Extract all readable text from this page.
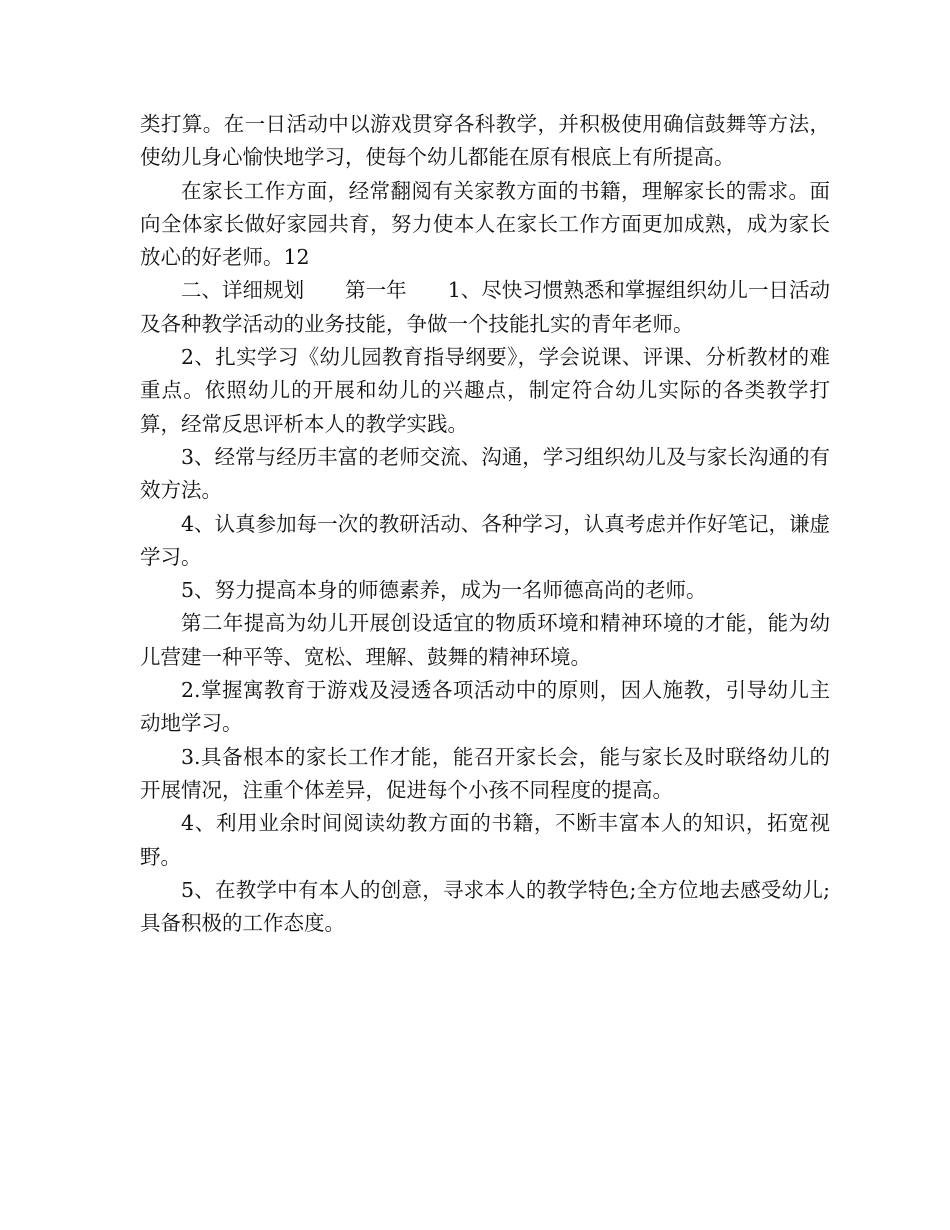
类打算。在一日活动中以游戏贯穿各科教学，并积极使用确信鼓舞等方法，使幼儿身心愉快地学习，使每个幼儿都能在原有根底上有所提高。

在家长工作方面，经常翻阅有关家教方面的书籍，理解家长的需求。面向全体家长做好家园共育，努力使本人在家长工作方面更加成熟，成为家长放心的好老师。12

二、详细规划　　第一年　　1、尽快习惯熟悉和掌握组织幼儿一日活动及各种教学活动的业务技能，争做一个技能扎实的青年老师。

2、扎实学习《幼儿园教育指导纲要》，学会说课、评课、分析教材的难重点。依照幼儿的开展和幼儿的兴趣点，制定符合幼儿实际的各类教学打算，经常反思评析本人的教学实践。

3、经常与经历丰富的老师交流、沟通，学习组织幼儿及与家长沟通的有效方法。

4、认真参加每一次的教研活动、各种学习，认真考虑并作好笔记，谦虚学习。

5、努力提高本身的师德素养，成为一名师德高尚的老师。

第二年提高为幼儿开展创设适宜的物质环境和精神环境的才能，能为幼儿营建一种平等、宽松、理解、鼓舞的精神环境。

2.掌握寓教育于游戏及浸透各项活动中的原则，因人施教，引导幼儿主动地学习。

3.具备根本的家长工作才能，能召开家长会，能与家长及时联络幼儿的开展情况，注重个体差异，促进每个小孩不同程度的提高。

4、利用业余时间阅读幼教方面的书籍，不断丰富本人的知识，拓宽视野。

5、在教学中有本人的创意，寻求本人的教学特色;全方位地去感受幼儿;具备积极的工作态度。
